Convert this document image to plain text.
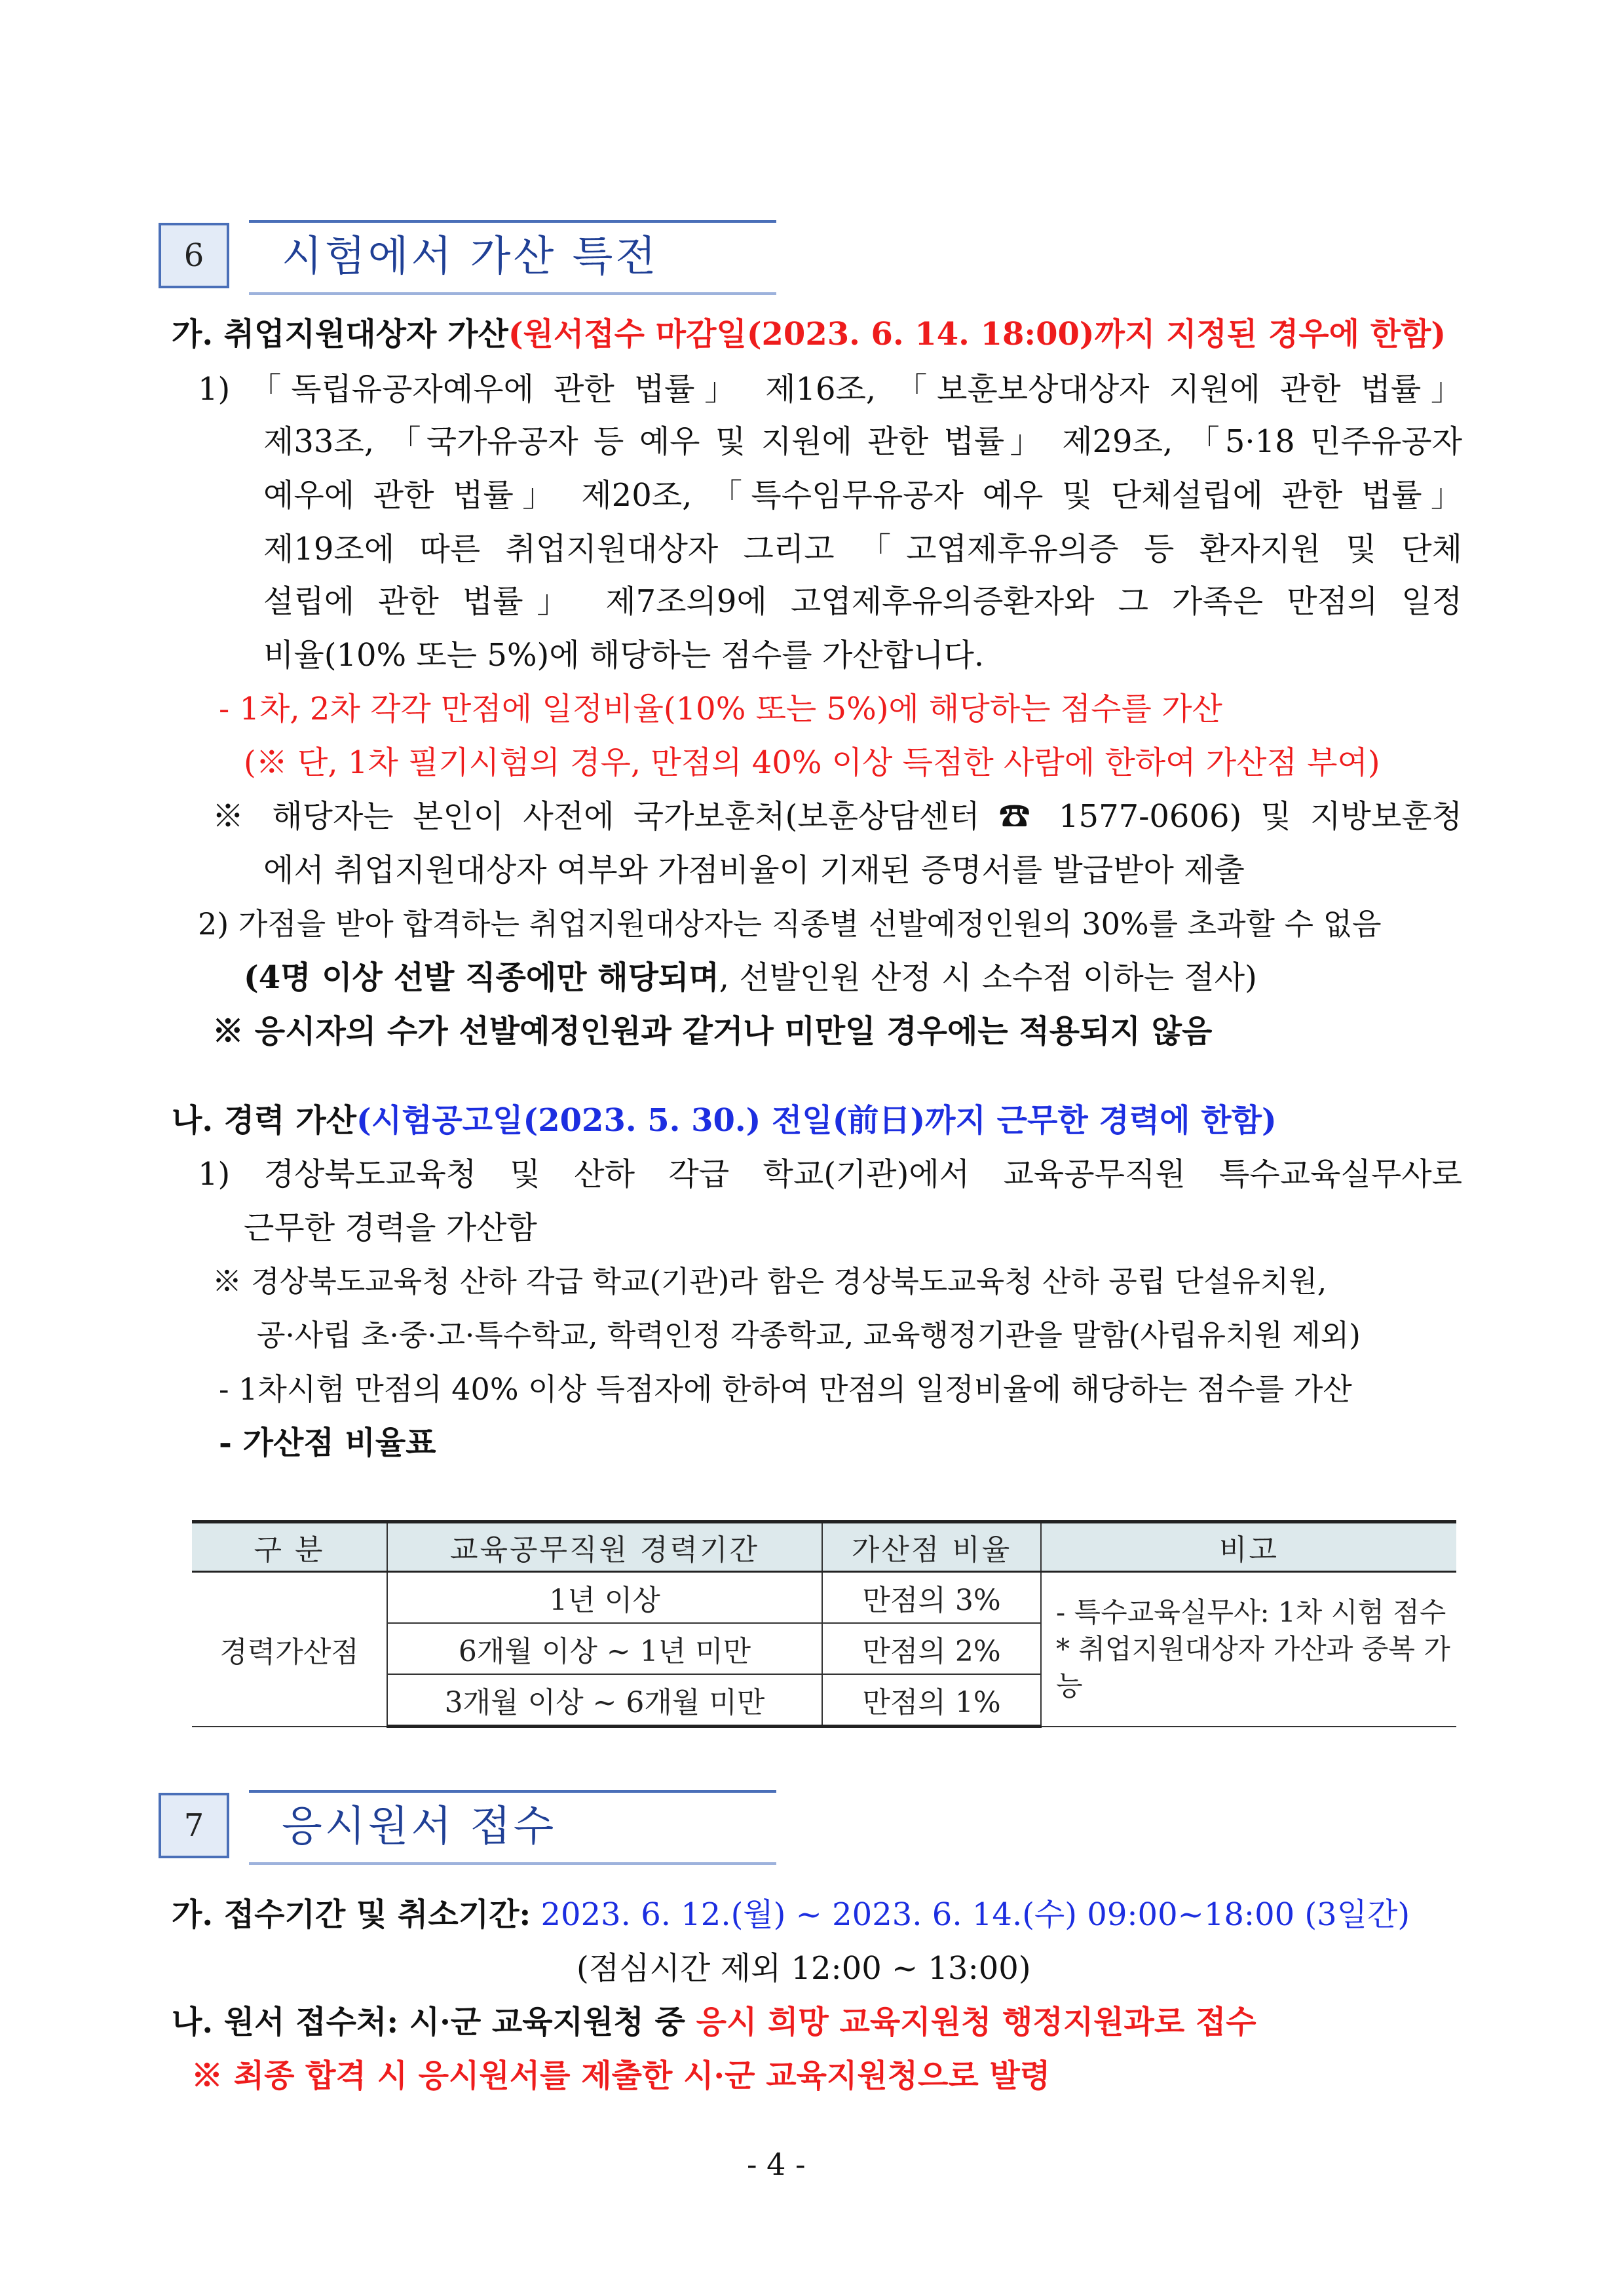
6	시험에서 가산 특전
가. 취업지원대상자 가산(원서접수 마감일(2023. 6. 14. 18:00)까지 지정된 경우에 한함)
1) 「독립유공자예우에 관한 법률」 제16조, 「보훈보상대상자 지원에 관한 법률」
제33조, 「국가유공자 등 예우 및 지원에 관한 법률」 제29조, 「5·18 민주유공자
예우에 관한 법률」 제20조, 「특수임무유공자 예우 및 단체설립에 관한 법률」
제19조에 따른 취업지원대상자 그리고 「고엽제후유의증 등 환자지원 및 단체
설립에 관한 법률」 제7조의9에 고엽제후유의증환자와 그 가족은 만점의 일정
비율(10% 또는 5%)에 해당하는 점수를 가산합니다.
- 1차, 2차 각각 만점에 일정비율(10% 또는 5%)에 해당하는 점수를 가산
(※ 단, 1차 필기시험의 경우, 만점의 40% 이상 득점한 사람에 한하여 가산점 부여)
※ 해당자는 본인이 사전에 국가보훈처(보훈상담센터 ☎ 1577-0606) 및 지방보훈청
에서 취업지원대상자 여부와 가점비율이 기재된 증명서를 발급받아 제출
2) 가점을 받아 합격하는 취업지원대상자는 직종별 선발예정인원의 30%를 초과할 수 없음
(4명 이상 선발 직종에만 해당되며, 선발인원 산정 시 소수점 이하는 절사)
※ 응시자의 수가 선발예정인원과 같거나 미만일 경우에는 적용되지 않음
나. 경력 가산(시험공고일(2023. 5. 30.) 전일(前日)까지 근무한 경력에 한함)
1) 경상북도교육청 및 산하 각급 학교(기관)에서 교육공무직원 특수교육실무사로
근무한 경력을 가산함
※ 경상북도교육청 산하 각급 학교(기관)라 함은 경상북도교육청 산하 공립 단설유치원,
공·사립 초·중·고·특수학교, 학력인정 각종학교, 교육행정기관을 말함(사립유치원 제외)
- 1차시험 만점의 40% 이상 득점자에 한하여 만점의 일정비율에 해당하는 점수를 가산
- 가산점 비율표
구 분	교육공무직원 경력기간	가산점 비율	비고
경력가산점	1년 이상	만점의 3%	- 특수교육실무사: 1차 시험 점수
* 취업지원대상자 가산과 중복 가능

	6개월 이상 ~ 1년 미만	만점의 2%	
	3개월 이상 ~ 6개월 미만	만점의 1%	
7	응시원서 접수
가. 접수기간 및 취소기간: 2023. 6. 12.(월) ~ 2023. 6. 14.(수) 09:00~18:00 (3일간)
(점심시간 제외 12:00 ~ 13:00)
나. 원서 접수처: 시·군 교육지원청 중 응시 희망 교육지원청 행정지원과로 접수
※ 최종 합격 시 응시원서를 제출한 시·군 교육지원청으로 발령
- 4 -
